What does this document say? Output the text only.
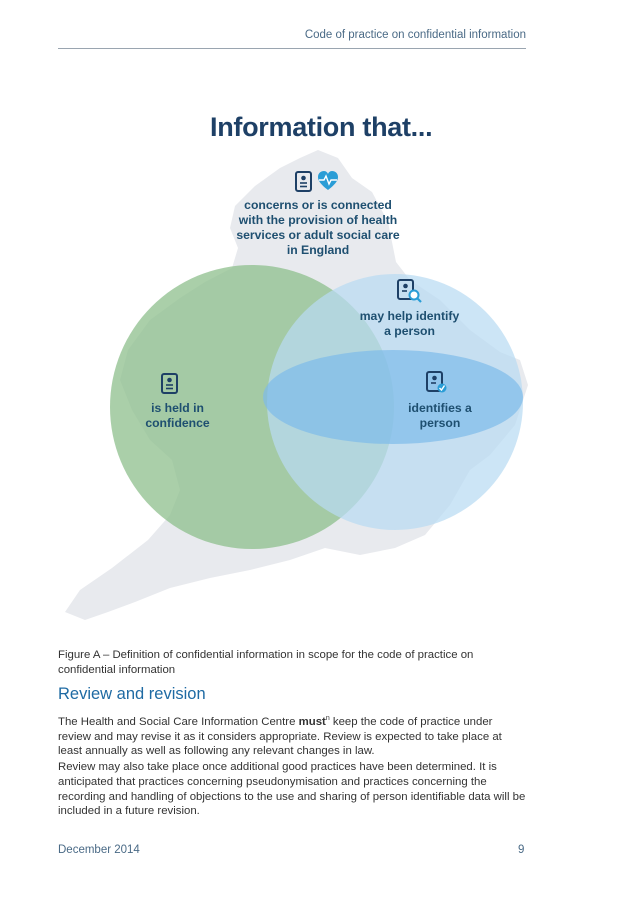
Code of practice on confidential information
Information that...
concerns or is connected
with the provision of health
services or adult social care
in England
is held in
confidence
may help identify
a person
identifies a
person
Figure A – Definition of confidential information in scope for the code of practice on confidential information
Review and revision
The Health and Social Care Information Centre must$^n$ keep the code of practice under review and may revise it as it considers appropriate. Review is expected to take place at least annually as well as following any relevant changes in law.
Review may also take place once additional good practices have been determined. It is anticipated that practices concerning pseudonymisation and practices concerning the recording and handling of objections to the use and sharing of person identifiable data will be included in a future revision.
December 2014	9
